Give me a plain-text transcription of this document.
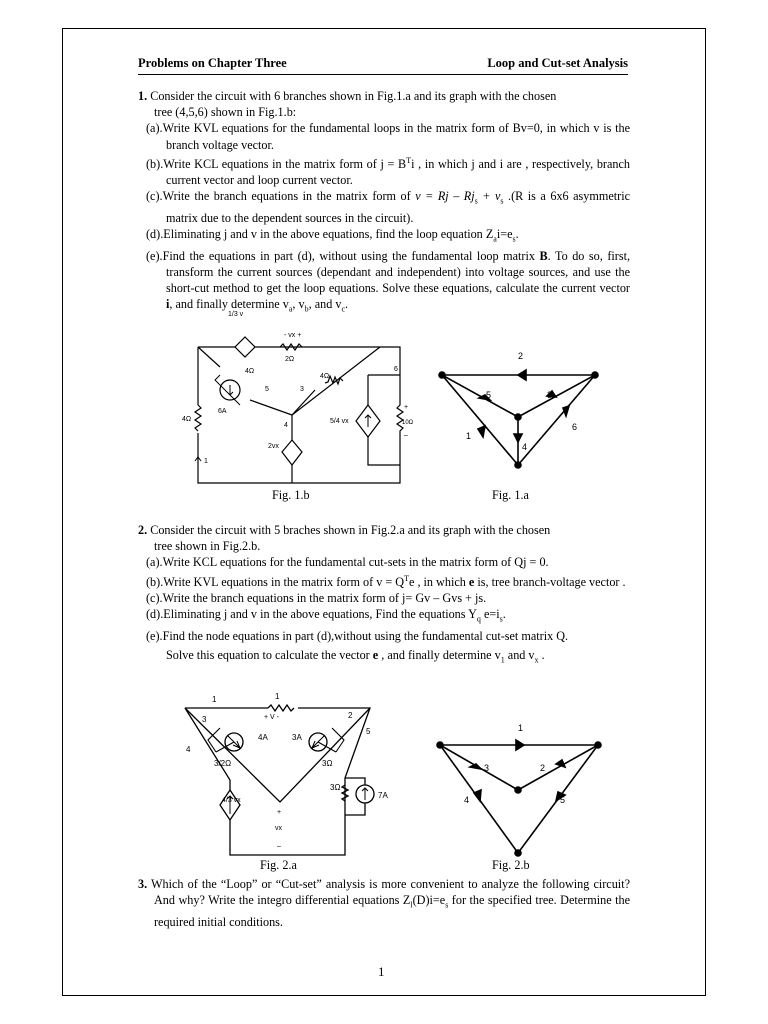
Problems on Chapter Three	Loop and Cut-set Analysis

1. Consider the circuit with 6 branches shown in Fig.1.a and its graph with the chosen

tree (4,5,6) shown in Fig.1.b:

(a).Write KVL equations for the fundamental loops in the matrix form of Bv=0, in which v is the branch voltage vector.

(b).Write KCL equations in the matrix form of $j = B^Ti$ , in which j and i are , respectively, branch current vector and loop current vector.

(c).Write the branch equations in the matrix form of $v = Rj - Rj_s + v_s$ .(R is a 6x6 asymmetric matrix due to the dependent sources in the circuit).

(d).Eliminating j and v in the above equations, find the loop equation $Z_ai=e_s$.

(e).Find the equations in part (d), without using the fundamental loop matrix B. To do so, first, transform the current sources (dependant and independent) into voltage sources, and use the short-cut method to get the loop equations. Solve these equations, calculate the current vector i, and finally determine $v_a$, $v_b$, and $v_c$.

1/3 v
6A
4Ω
5	3
2Ω
- vx +
4Ω
2vx
4
5/4 vx
+
10Ω
–
6
4Ω
1
2
5	3
6
1
4
Fig. 1.b	Fig. 1.a

2. Consider the circuit with 5 braches shown in Fig.2.a and its graph with the chosen

tree shown in Fig.2.b.

(a).Write KCL equations for the fundamental cut-sets in the matrix form of Qj = 0.

(b).Write KVL equations in the matrix form of $v = Q^Te$ , in which e is, tree branch-voltage vector .

(c).Write the branch equations in the matrix form of j= Gv – Gvs + js.

(d).Eliminating j and v in the above equations, Find the equations $Y_q$ $e=i_s$.

(e).Find the node equations in part (d),without using the fundamental cut-set matrix Q.

Solve this equation to calculate the vector e , and finally determine $v_1$ and $v_x$ .

1
+ V -
1
2
3
4
5
4A
3/2Ω
3A
3Ω
4/3 vx
7A
3Ω
+
vx
–
1
3	2
4	5
Fig. 2.a	Fig. 2.b

3. Which of the “Loop” or “Cut-set” analysis is more convenient to analyze the following circuit? And why? Write the integro differential equations $Z_l(D)i=e_s$ for the specified tree. Determine the required initial conditions.

1
